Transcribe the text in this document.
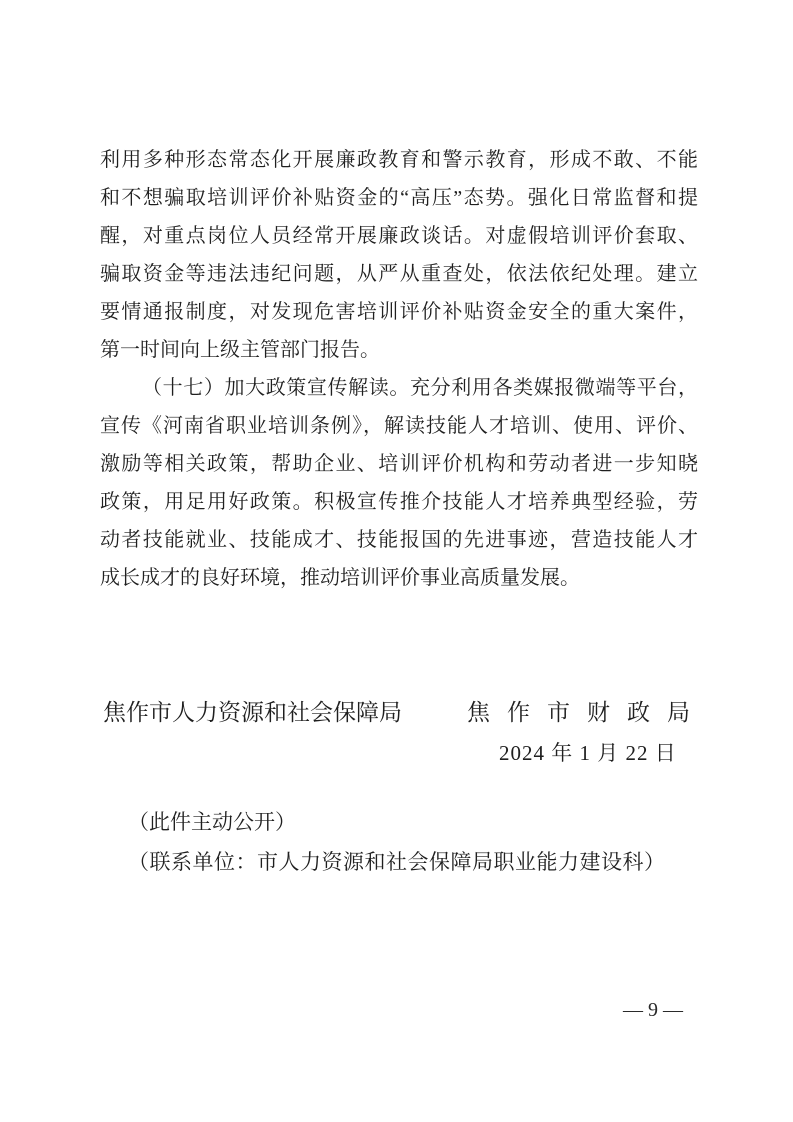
利用多种形态常态化开展廉政教育和警示教育，形成不敢、不能
和不想骗取培训评价补贴资金的“高压”态势。强化日常监督和提
醒，对重点岗位人员经常开展廉政谈话。对虚假培训评价套取、
骗取资金等违法违纪问题，从严从重查处，依法依纪处理。建立
要情通报制度，对发现危害培训评价补贴资金安全的重大案件，
第一时间向上级主管部门报告。
（十七）加大政策宣传解读。充分利用各类媒报微端等平台，
宣传《河南省职业培训条例》，解读技能人才培训、使用、评价、
激励等相关政策，帮助企业、培训评价机构和劳动者进一步知晓
政策，用足用好政策。积极宣传推介技能人才培养典型经验，劳
动者技能就业、技能成才、技能报国的先进事迹，营造技能人才
成长成才的良好环境，推动培训评价事业高质量发展。
焦作市人力资源和社会保障局	焦作市财政局
2024 年 1 月 22 日
（此件主动公开）
（联系单位：市人力资源和社会保障局职业能力建设科）
— 9 —
